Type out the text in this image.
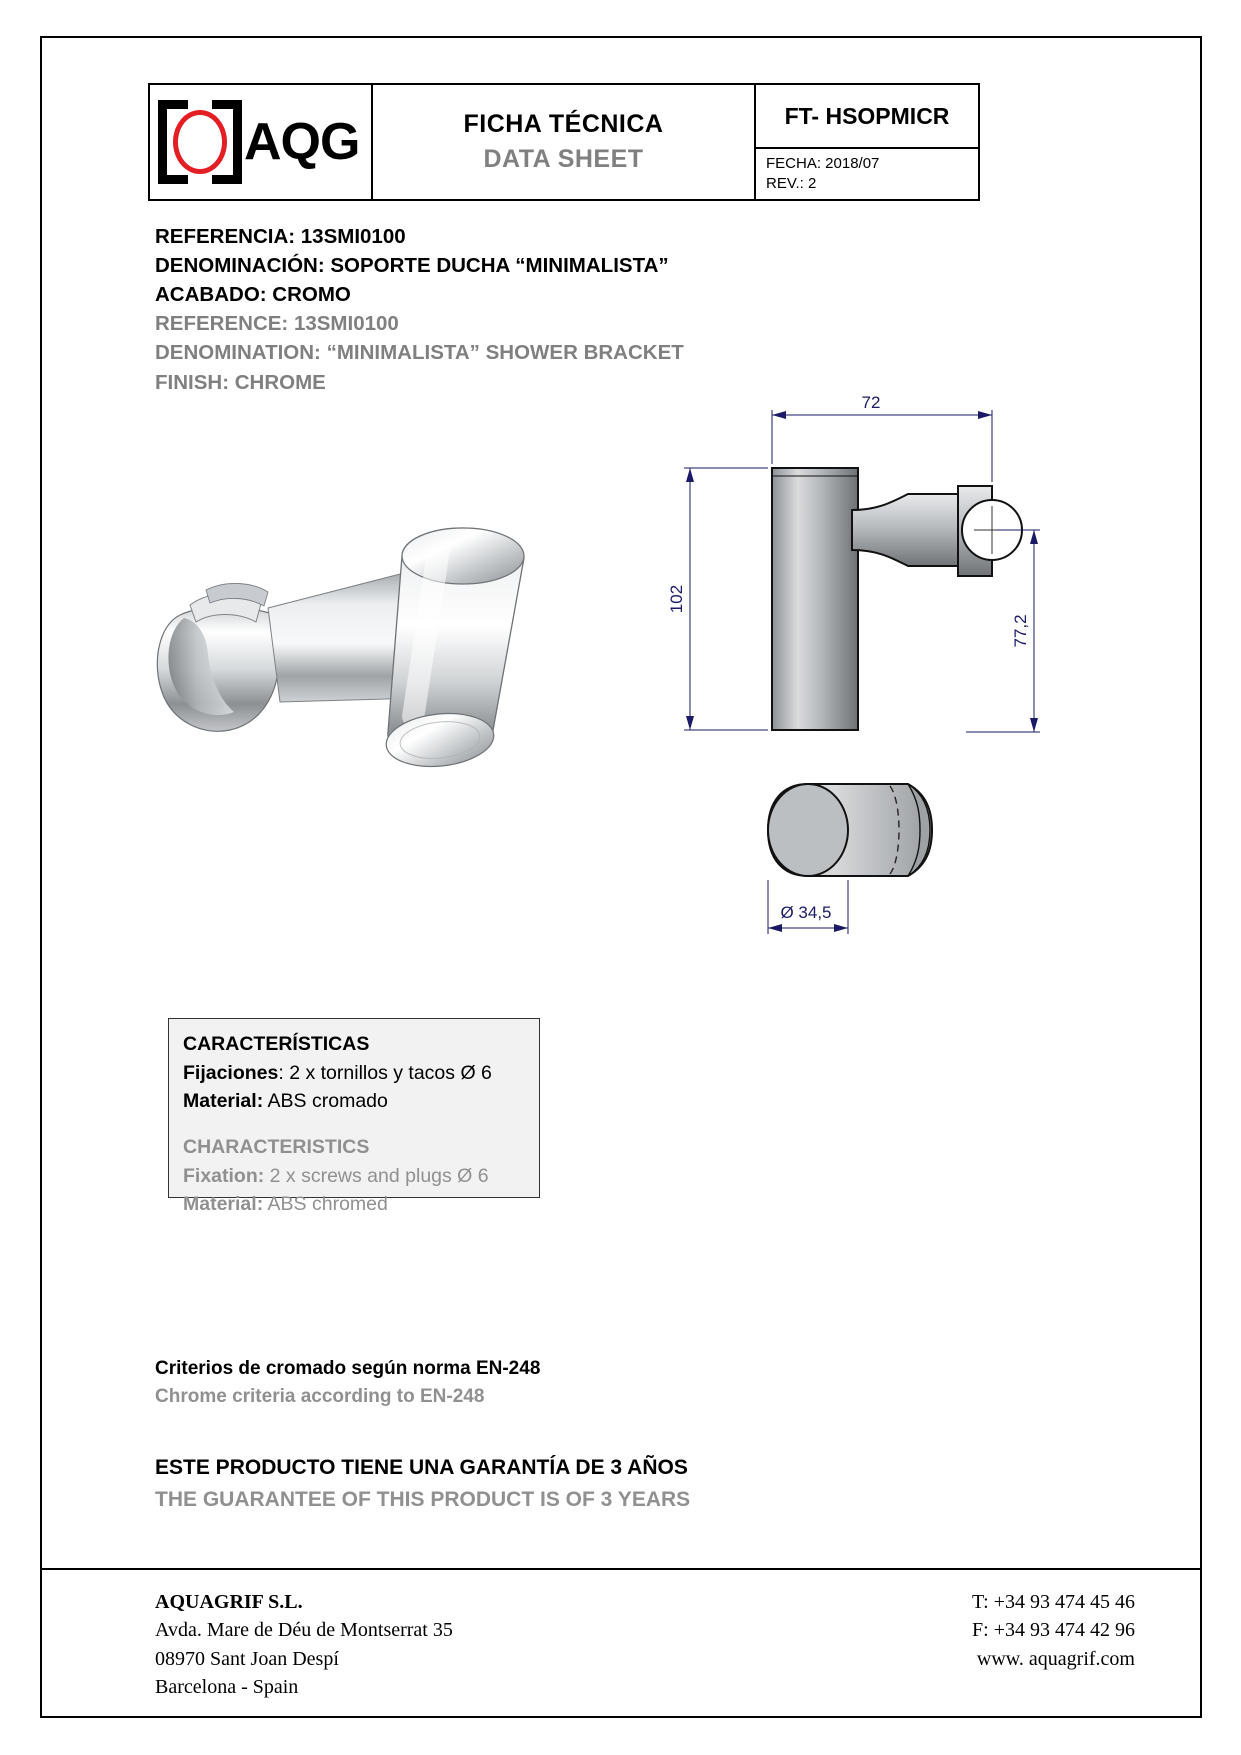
AQG	FICHA TÉCNICA
DATA SHEET
FT- HSOPMICR
FECHA: 2018/07
REV.: 2
REFERENCIA: 13SMI0100
DENOMINACIÓN: SOPORTE DUCHA “MINIMALISTA”
ACABADO: CROMO
REFERENCE: 13SMI0100
DENOMINATION: “MINIMALISTA” SHOWER BRACKET
FINISH: CHROME
72
102
77,2
Ø 34,5
CARACTERÍSTICAS
Fijaciones: 2 x tornillos y tacos Ø 6
Material: ABS cromado
CHARACTERISTICS
Fixation: 2 x screws and plugs Ø 6
Material: ABS chromed
Criterios de cromado según norma EN-248
Chrome criteria according to EN-248
ESTE PRODUCTO TIENE UNA GARANTÍA DE 3 AÑOS
THE GUARANTEE OF THIS PRODUCT IS OF 3 YEARS
AQUAGRIF S.L.
Avda. Mare de Déu de Montserrat 35
08970 Sant Joan Despí
Barcelona - Spain
T: +34 93 474 45 46
F: +34 93 474 42 96
www. aquagrif.com
